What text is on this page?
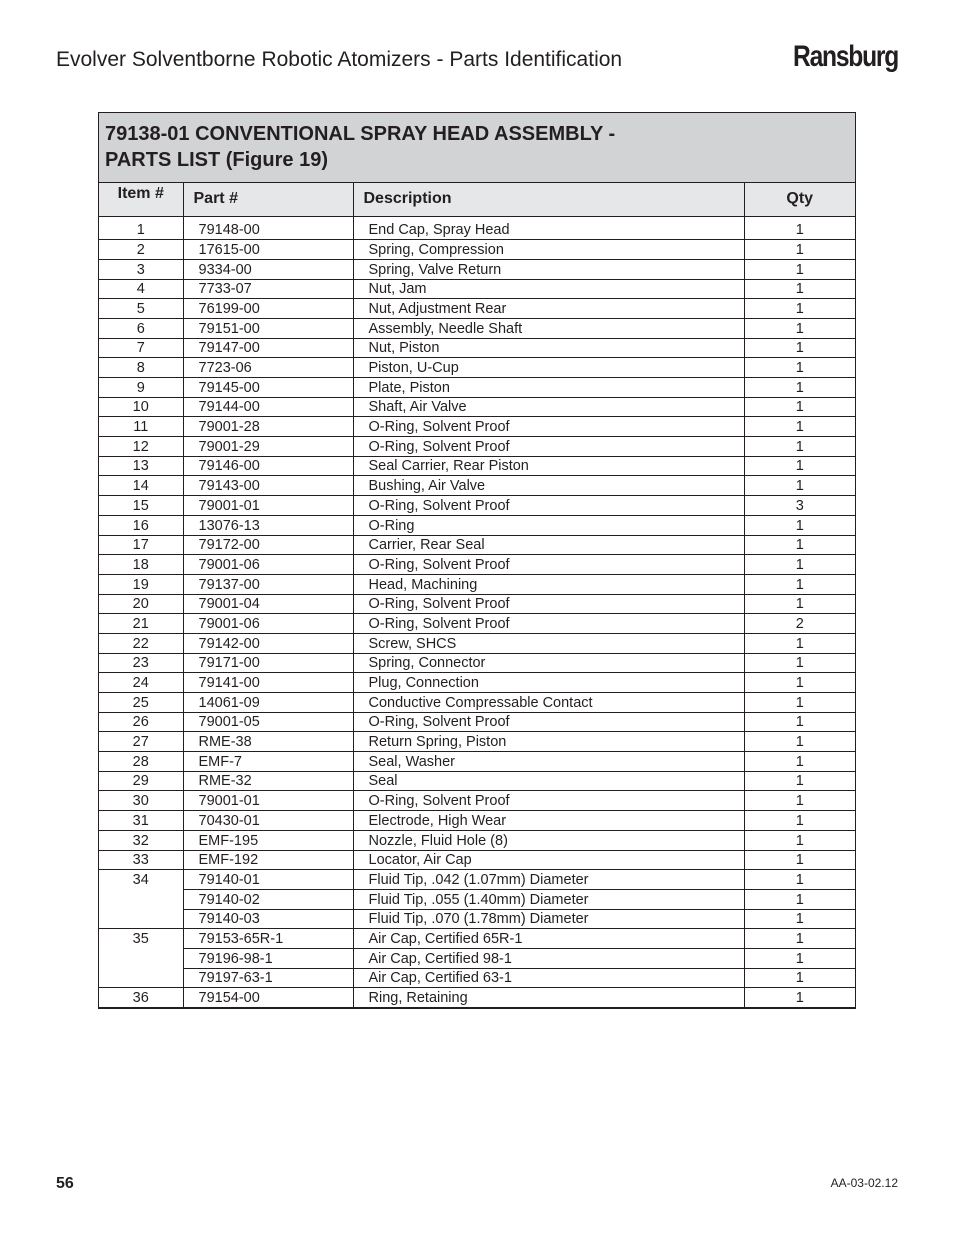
Evolver Solventborne Robotic Atomizers - Parts Identification	Ransburg
79138-01 CONVENTIONAL SPRAY HEAD ASSEMBLY -
PARTS LIST (Figure 19)
Item #	Part #	Description	Qty
1	79148-00	End Cap, Spray Head	1
2	17615-00	Spring, Compression	1
3	9334-00	Spring, Valve Return	1
4	7733-07	Nut, Jam	1
5	76199-00	Nut, Adjustment Rear	1
6	79151-00	Assembly, Needle Shaft	1
7	79147-00	Nut, Piston	1
8	7723-06	Piston, U-Cup	1
9	79145-00	Plate, Piston	1
10	79144-00	Shaft, Air Valve	1
11	79001-28	O-Ring, Solvent Proof	1
12	79001-29	O-Ring, Solvent Proof	1
13	79146-00	Seal Carrier, Rear Piston	1
14	79143-00	Bushing, Air Valve	1
15	79001-01	O-Ring, Solvent Proof	3
16	13076-13	O-Ring	1
17	79172-00	Carrier, Rear Seal	1
18	79001-06	O-Ring, Solvent Proof	1
19	79137-00	Head, Machining	1
20	79001-04	O-Ring, Solvent Proof	1
21	79001-06	O-Ring, Solvent Proof	2
22	79142-00	Screw, SHCS	1
23	79171-00	Spring, Connector	1
24	79141-00	Plug, Connection	1
25	14061-09	Conductive Compressable Contact	1
26	79001-05	O-Ring, Solvent Proof	1
27	RME-38	Return Spring, Piston	1
28	EMF-7	Seal, Washer	1
29	RME-32	Seal	1
30	79001-01	O-Ring, Solvent Proof	1
31	70430-01	Electrode, High Wear	1
32	EMF-195	Nozzle, Fluid Hole (8)	1
33	EMF-192	Locator, Air Cap	1
34	79140-01	Fluid Tip, .042 (1.07mm) Diameter	1
	79140-02	Fluid Tip, .055 (1.40mm) Diameter	1
	79140-03	Fluid Tip, .070 (1.78mm) Diameter	1
35	79153-65R-1	Air Cap, Certified 65R-1	1
	79196-98-1	Air Cap, Certified 98-1	1
	79197-63-1	Air Cap, Certified 63-1	1
36	79154-00	Ring, Retaining	1
56	AA-03-02.12
